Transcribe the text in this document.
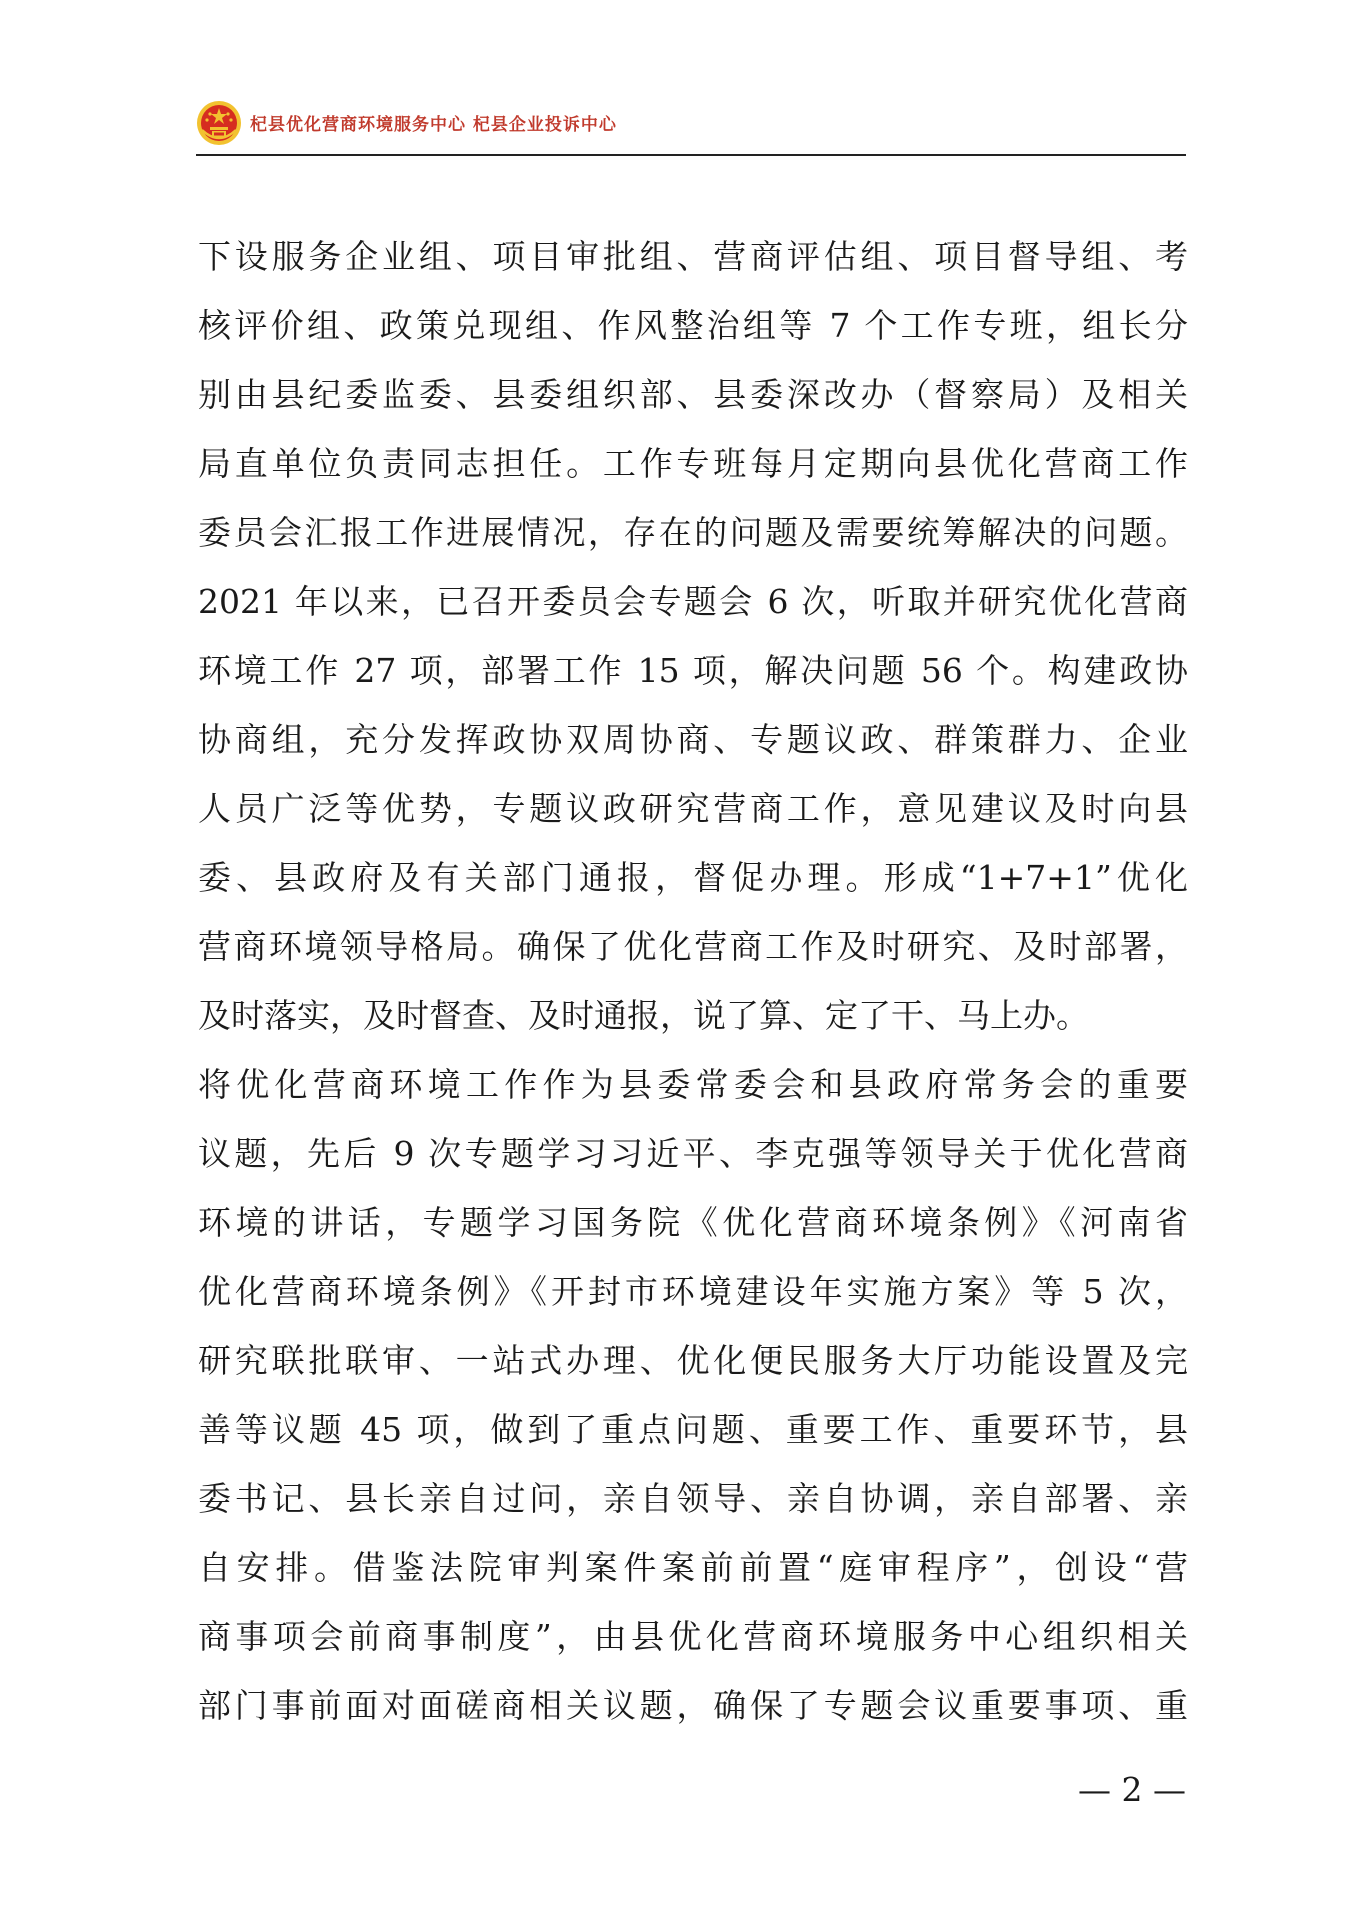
杞县优化营商环境服务中心 杞县企业投诉中心
下设服务企业组、项目审批组、营商评估组、项目督导组、考
核评价组、政策兑现组、作风整治组等 7 个工作专班，组长分
别由县纪委监委、县委组织部、县委深改办（督察局）及相关
局直单位负责同志担任。工作专班每月定期向县优化营商工作
委员会汇报工作进展情况，存在的问题及需要统筹解决的问题。
2021 年以来，已召开委员会专题会 6 次，听取并研究优化营商
环境工作 27 项，部署工作 15 项，解决问题 56 个。构建政协
协商组，充分发挥政协双周协商、专题议政、群策群力、企业
人员广泛等优势，专题议政研究营商工作，意见建议及时向县
委、县政府及有关部门通报，督促办理。形成“1+7+1”优化
营商环境领导格局。确保了优化营商工作及时研究、及时部署，
及时落实，及时督查、及时通报，说了算、定了干、马上办。
将优化营商环境工作作为县委常委会和县政府常务会的重要
议题，先后 9 次专题学习习近平、李克强等领导关于优化营商
环境的讲话，专题学习国务院《优化营商环境条例》《河南省
优化营商环境条例》《开封市环境建设年实施方案》等 5 次，
研究联批联审、一站式办理、优化便民服务大厅功能设置及完
善等议题 45 项，做到了重点问题、重要工作、重要环节，县
委书记、县长亲自过问，亲自领导、亲自协调，亲自部署、亲
自安排。借鉴法院审判案件案前前置“庭审程序”，创设“营
商事项会前商事制度”，由县优化营商环境服务中心组织相关
部门事前面对面磋商相关议题，确保了专题会议重要事项、重
— 2 —
